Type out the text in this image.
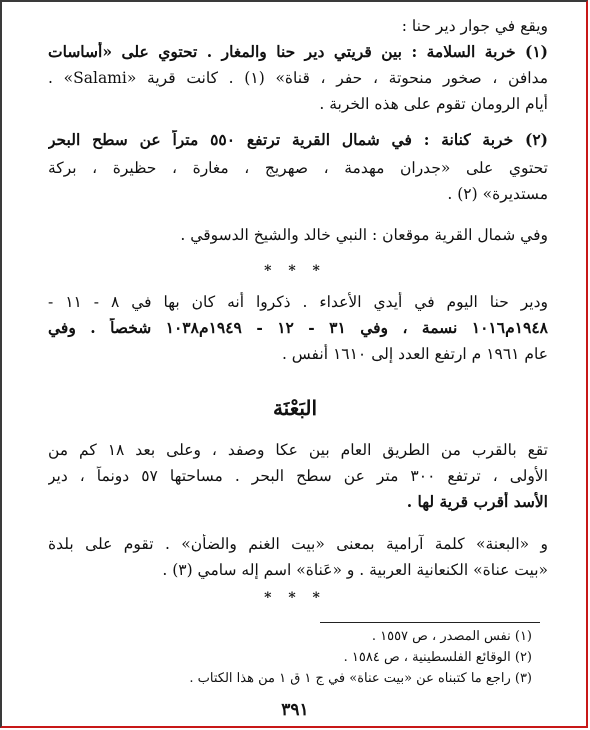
ويقع في جوار دير حنا :
(١) خربة السلامة : بين قريتي دير حنا والمغار . تحتوي على «أساسات
مدافن ، صخور منحوتة ، حفر ، قناة» (١) . كانت قرية «Salami» .
أيام الرومان تقوم على هذه الخربة .
(٢) خربة كنانة : في شمال القرية ترتفع ٥٥٠ متراً عن سطح البحر
تحتوي على «جدران مهدمة ، صهريج ، مغارة ، حظيرة ، بركة
مستديرة» (٢) .
وفي شمال القرية موقعان : النبي خالد والشيخ الدسوقي .
* * *
ودير حنا اليوم في أيدي الأعداء . ذكروا أنه كان بها في ٨ - ١١ -
١٩٤٨م١٠١٦ نسمة ، وفي ٣١ - ١٢ - ١٩٤٩م١٠٣٨ شخصاً . وفي
عام ١٩٦١ م ارتفع العدد إلى ١٦١٠ أنفس .
البَعْنَة
تقع بالقرب من الطريق العام بين عكا وصفد ، وعلى بعد ١٨ كم من
الأولى ، ترتفع ٣٠٠ متر عن سطح البحر . مساحتها ٥٧ دونماً ، دير
الأسد أقرب قرية لها .
و «البعنة» كلمة آرامية بمعنى «بيت الغنم والضأن» . تقوم على بلدة
«بيت عناة» الكنعانية العربية . و «عَناة» اسم إله سامي (٣) .
* * *
(١) نفس المصدر ، ص ١٥٥٧ .
(٢) الوقائع الفلسطينية ، ص ١٥٨٤ .
(٣) راجع ما كتبناه عن «بيت عناة» في ج ١ ق ١ من هذا الكتاب .
٣٩١
